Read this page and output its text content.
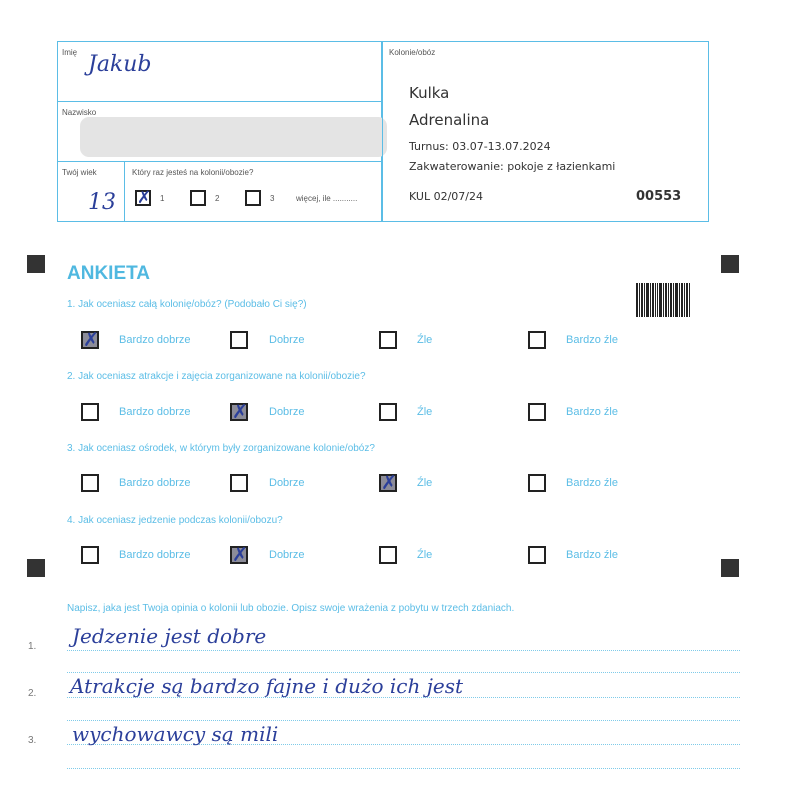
Imię Jakub
Nazwisko
Twój wiek
13
Który raz jesteś na kolonii/obozie?
✗
1	2	3	więcej, ile ...........
Kolonie/obóz
Kulka
Adrenalina
Turnus: 03.07-13.07.2024
Zakwaterowanie: pokoje z łazienkami
KUL 02/07/24	00553
ANKIETA
1. Jak oceniasz całą kolonię/obóz? (Podobało Ci się?)
✗
Bardzo dobrze	Dobrze	Źle	Bardzo źle
2. Jak oceniasz atrakcje i zajęcia zorganizowane na kolonii/obozie?
Bardzo dobrze ✗	Dobrze	Źle	Bardzo źle
3. Jak oceniasz ośrodek, w którym były zorganizowane kolonie/obóz?
Bardzo dobrze	Dobrze ✗	Źle	Bardzo źle
4. Jak oceniasz jedzenie podczas kolonii/obozu?
Bardzo dobrze ✗	Dobrze	Źle	Bardzo źle
Napisz, jaka jest Twoja opinia o kolonii lub obozie. Opisz swoje wrażenia z pobytu w trzech zdaniach.
1.
2.
3.
Jedzenie jest dobre
Atrakcje są bardzo fajne i dużo ich jest
wychowawcy są mili
